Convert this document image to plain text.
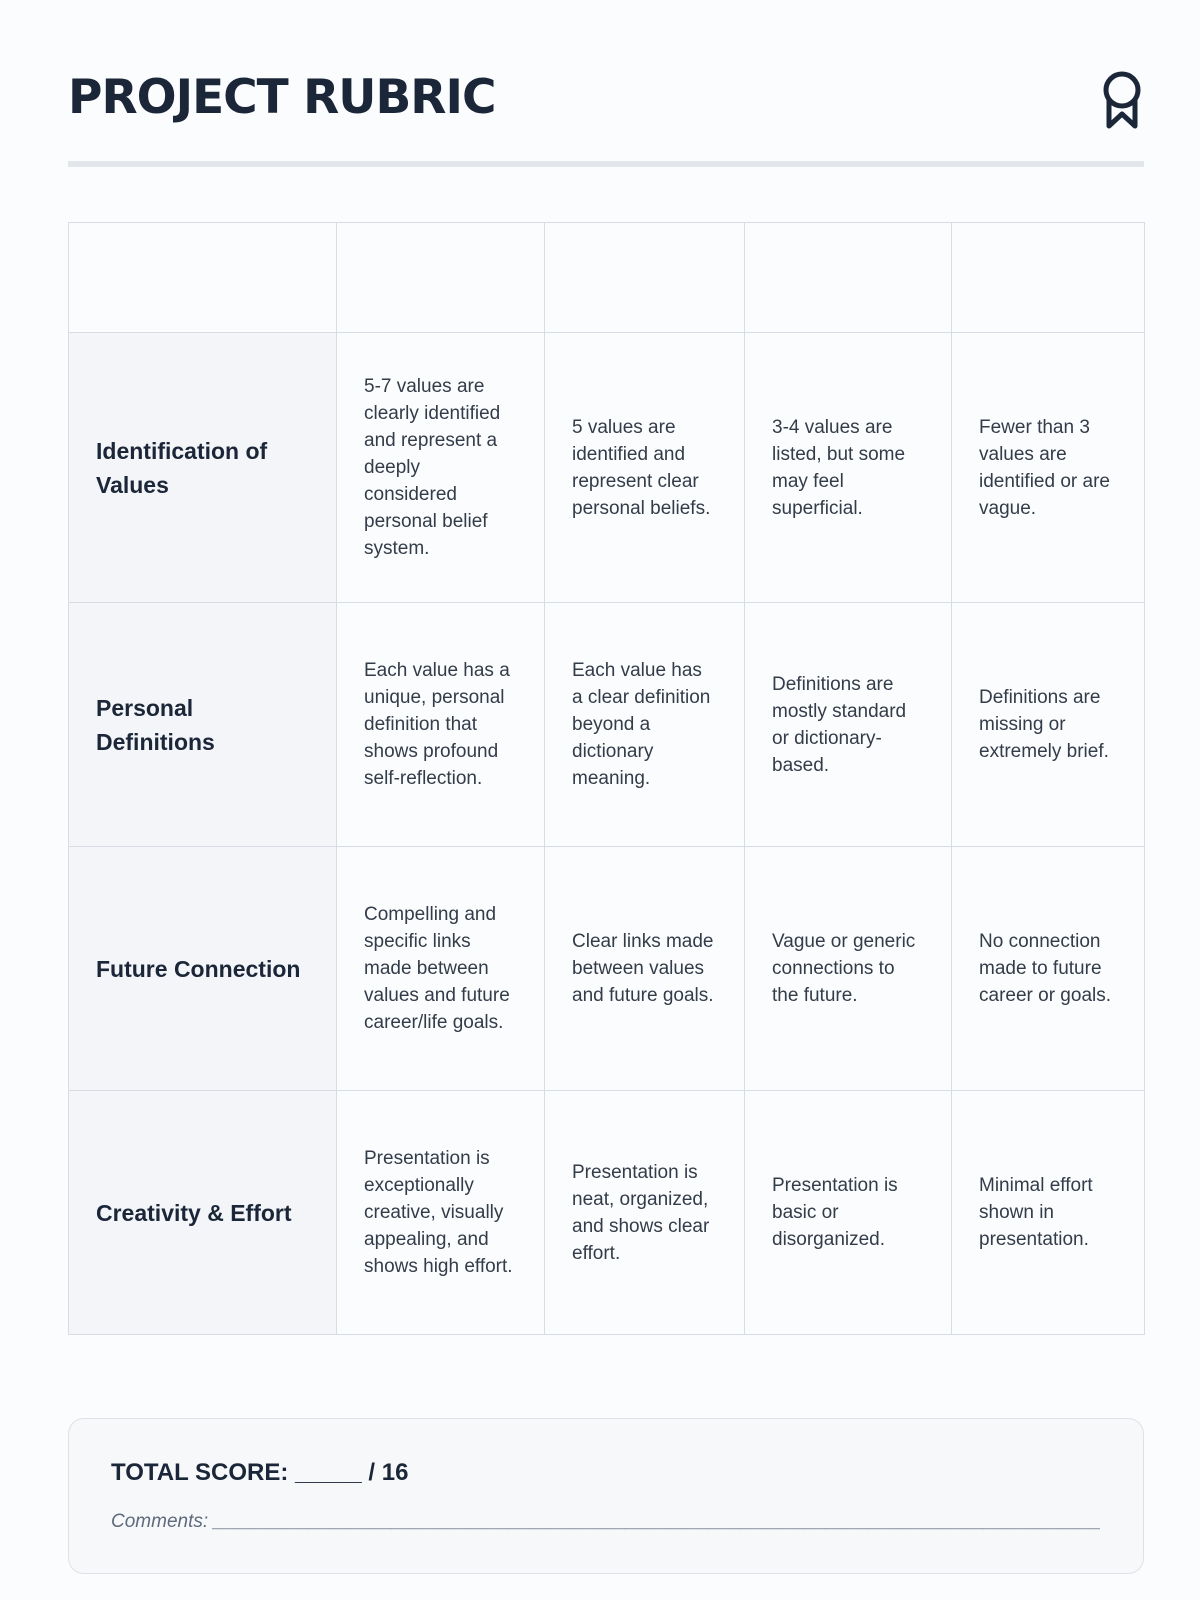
PROJECT RUBRIC

Identification of Values	5-7 values are clearly identified and represent a deeply considered personal belief system.	5 values are identified and represent clear personal beliefs.	3-4 values are listed, but some may feel superficial.	Fewer than 3 values are identified or are vague.
Personal Definitions	Each value has a unique, personal definition that shows profound self-reflection.	Each value has a clear definition beyond a dictionary meaning.	Definitions are mostly standard or dictionary-based.	Definitions are missing or extremely brief.
Future Connection	Compelling and specific links made between values and future career/life goals.	Clear links made between values and future goals.	Vague or generic connections to the future.	No connection made to future career or goals.
Creativity & Effort	Presentation is exceptionally creative, visually appealing, and shows high effort.	Presentation is neat, organized, and shows clear effort.	Presentation is basic or disorganized.	Minimal effort shown in presentation.
TOTAL SCORE: _____ / 16
Comments: ____________________________________________________________________________________
